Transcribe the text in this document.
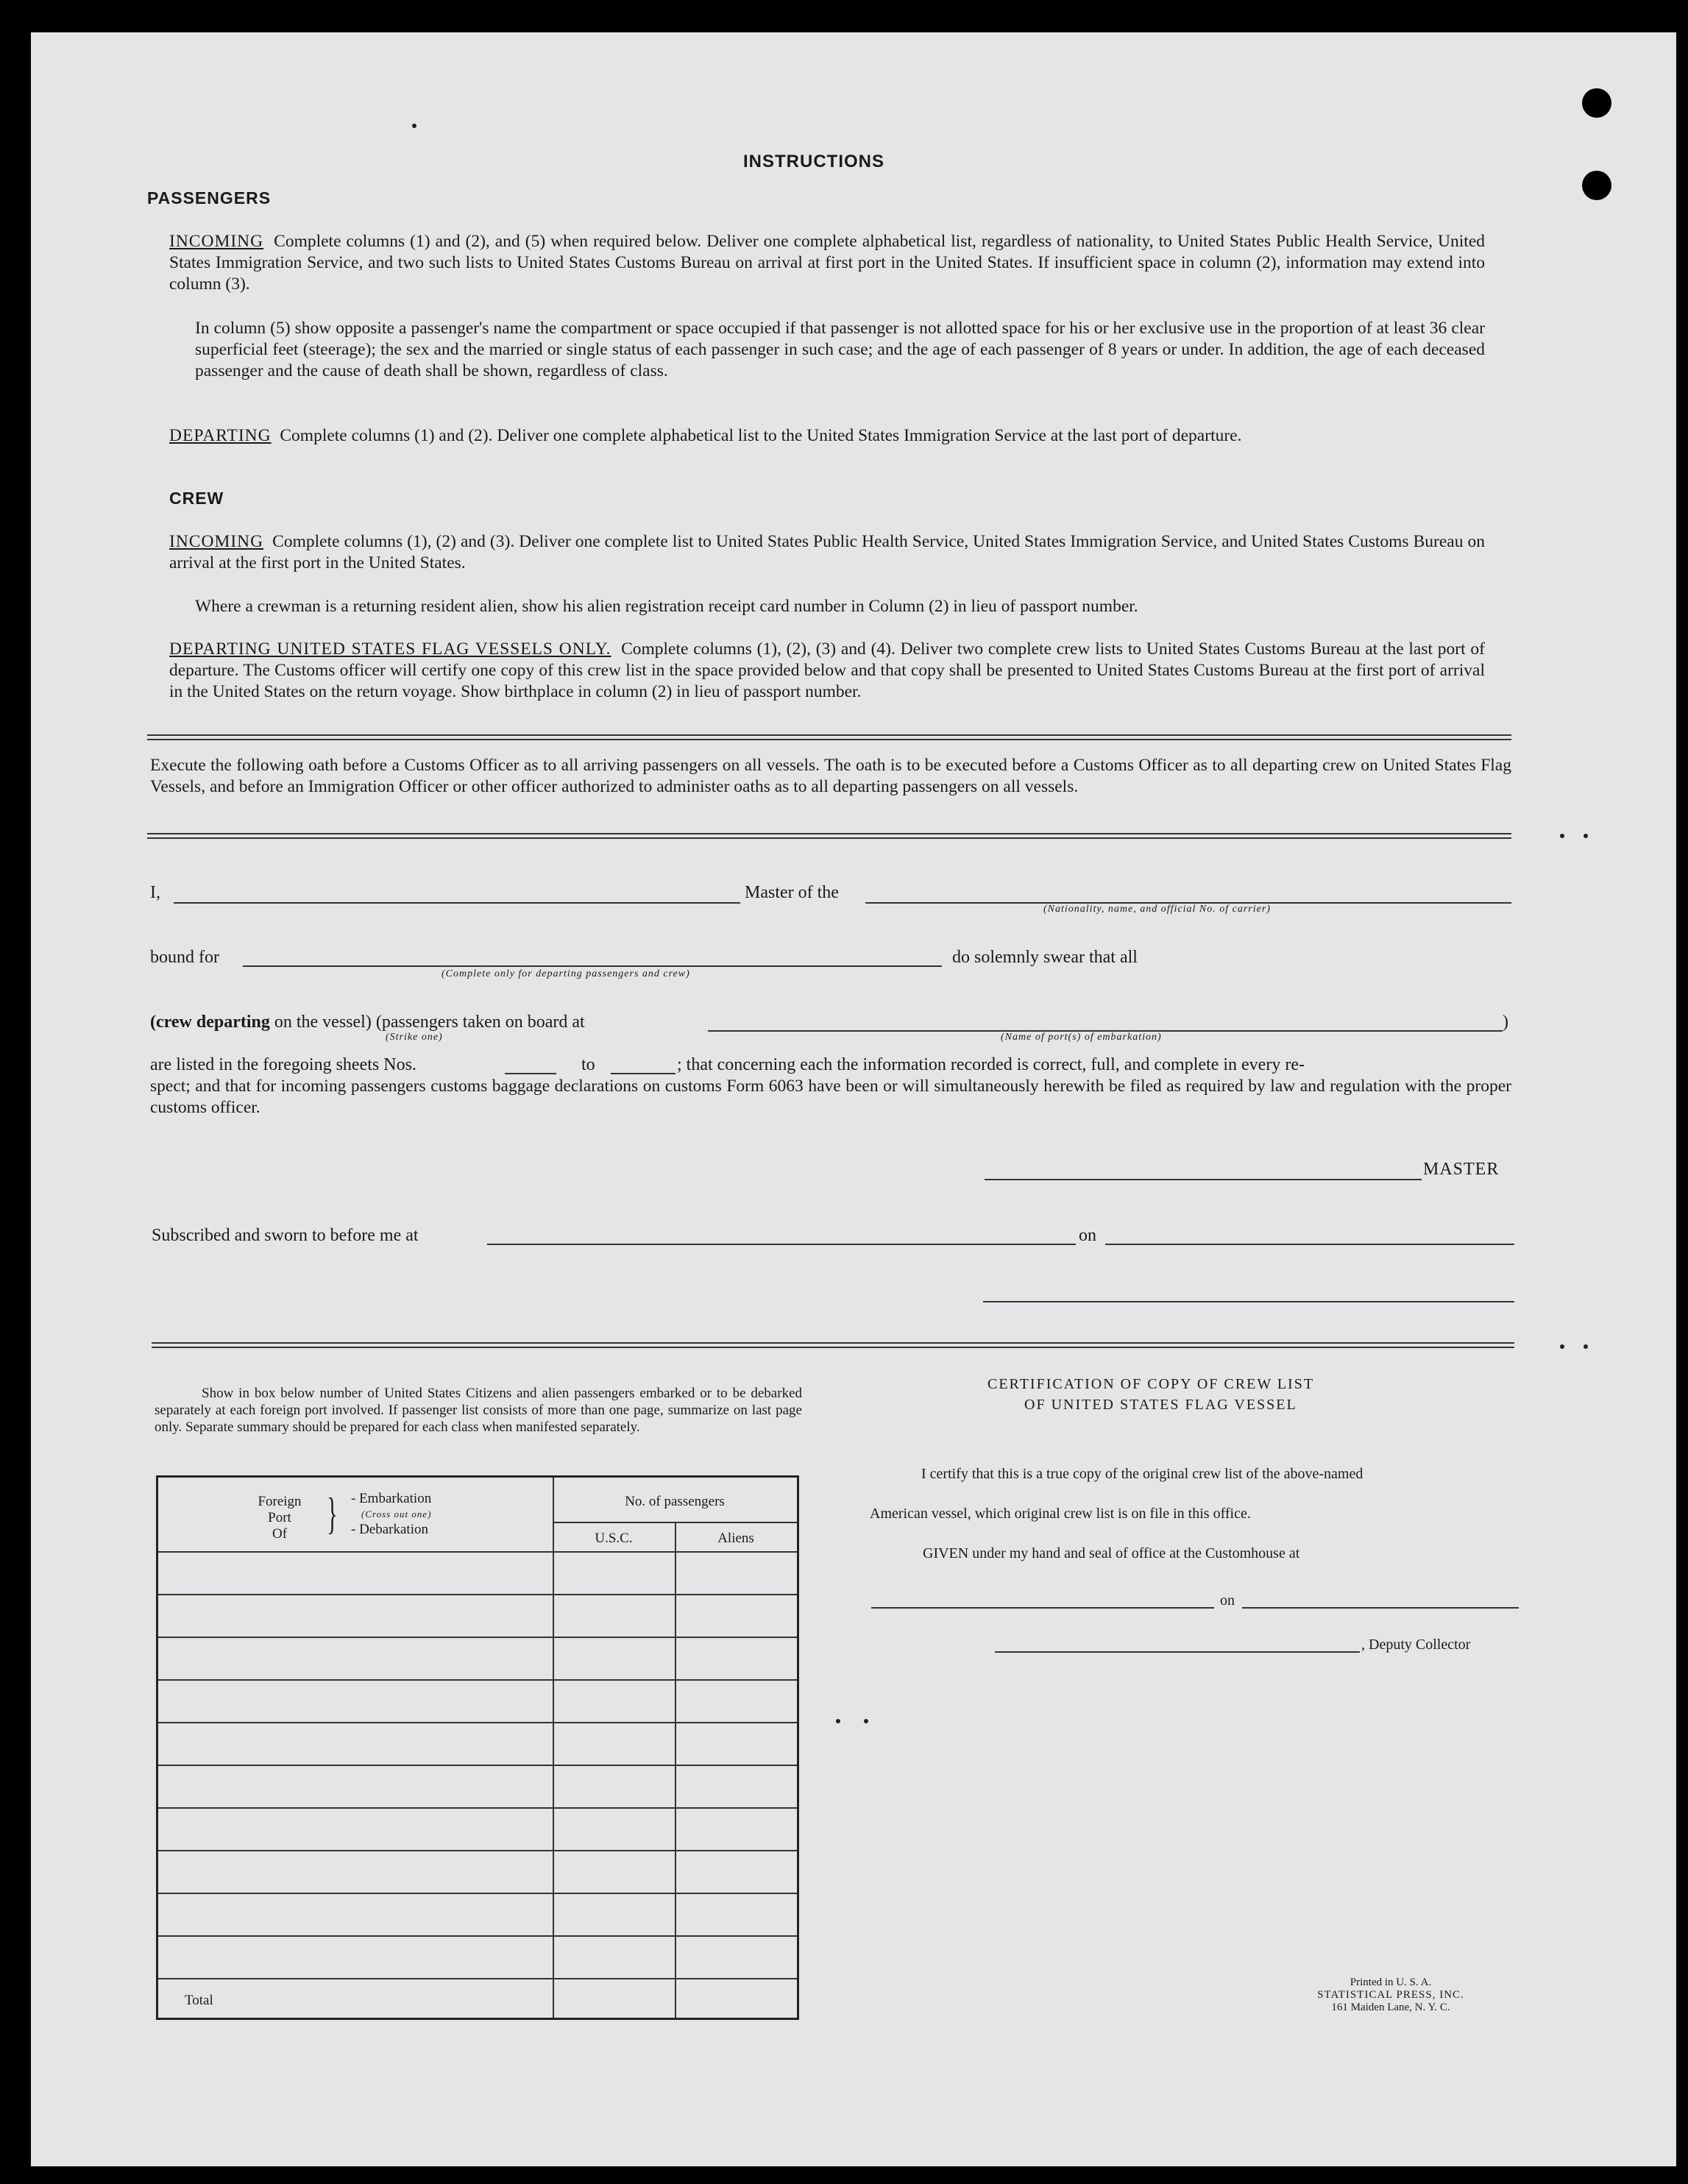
INSTRUCTIONS
PASSENGERS
INCOMING Complete columns (1) and (2), and (5) when required below. Deliver one complete alphabetical list, regardless of nationality, to United States Public Health Service, United States Immigration Service, and two such lists to United States Customs Bureau on arrival at first port in the United States. If insufficient space in column (2), information may extend into column (3).
In column (5) show opposite a passenger's name the compartment or space occupied if that passenger is not allotted space for his or her exclusive use in the proportion of at least 36 clear superficial feet (steerage); the sex and the married or single status of each passenger in such case; and the age of each passenger of 8 years or under. In addition, the age of each deceased passenger and the cause of death shall be shown, regardless of class.
DEPARTING Complete columns (1) and (2). Deliver one complete alphabetical list to the United States Immigration Service at the last port of departure.
CREW
INCOMING Complete columns (1), (2) and (3). Deliver one complete list to United States Public Health Service, United States Immigration Service, and United States Customs Bureau on arrival at the first port in the United States.
Where a crewman is a returning resident alien, show his alien registration receipt card number in Column (2) in lieu of passport number.
DEPARTING UNITED STATES FLAG VESSELS ONLY. Complete columns (1), (2), (3) and (4). Deliver two complete crew lists to United States Customs Bureau at the last port of departure. The Customs officer will certify one copy of this crew list in the space provided below and that copy shall be presented to United States Customs Bureau at the first port of arrival in the United States on the return voyage. Show birthplace in column (2) in lieu of passport number.
Execute the following oath before a Customs Officer as to all arriving passengers on all vessels. The oath is to be executed before a Customs Officer as to all departing crew on United States Flag Vessels, and before an Immigration Officer or other officer authorized to administer oaths as to all departing passengers on all vessels.
I,	Master of the
(Nationality, name, and official No. of carrier)
bound for
(Complete only for departing passengers and crew)
do solemnly swear that all
(crew departing on the vessel) (passengers taken on board at
(Strike one)
)
(Name of port(s) of embarkation)
are listed in the foregoing sheets Nos.	to	; that concerning each the information recorded is correct, full, and complete in every re-
spect; and that for incoming passengers customs baggage declarations on customs Form 6063 have been or will simultaneously herewith be filed as required by law and regulation with the proper customs officer.
MASTER
Subscribed and sworn to before me at	on
Show in box below number of United States Citizens and alien passengers embarked or to be debarked separately at each foreign port involved. If passenger list consists of more than one page, summarize on last page only. Separate summary should be prepared for each class when manifested separately.
Foreign
Port
Of } - Embarkation
(Cross out one)
- Debarkation
No. of passengers
U.S.C.	Aliens
Total
CERTIFICATION OF COPY OF CREW LIST
OF UNITED STATES FLAG VESSEL
I certify that this is a true copy of the original crew list of the above-named
American vessel, which original crew list is on file in this office.
GIVEN under my hand and seal of office at the Customhouse at
on
, Deputy Collector
Printed in U. S. A.
STATISTICAL PRESS, INC.
161 Maiden Lane, N. Y. C.
